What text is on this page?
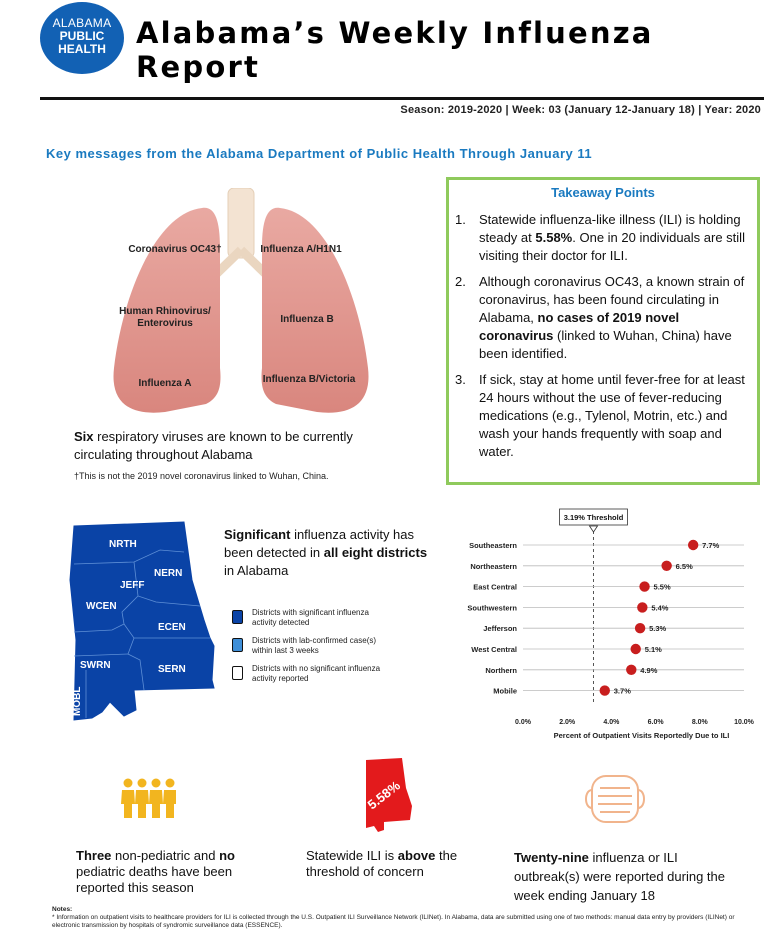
ALABAMA
PUBLIC
HEALTH	Alabama’s Weekly Influenza Report
Season: 2019-2020 | Week: 03 (January 12-January 18) | Year: 2020
Key messages from the Alabama Department of Public Health Through January 11
Coronavirus OC43†	Influenza A/H1N1
Human Rhinovirus/ Enterovirus	Influenza B
Influenza A	Influenza B/Victoria
Six respiratory viruses are known to be currently circulating throughout Alabama
†This is not the 2019 novel coronavirus linked to Wuhan, China.
Takeaway Points
1. Statewide influenza-like illness (ILI) is holding steady at 5.58%. One in 20 individuals are still visiting their doctor for ILI.
2. Although coronavirus OC43, a known strain of coronavirus, has been found circulating in Alabama, no cases of 2019 novel coronavirus (linked to Wuhan, China) have been identified.
3. If sick, stay at home until fever-free for at least 24 hours without the use of fever-reducing medications (e.g., Tylenol, Motrin, etc.) and wash your hands frequently with soap and water.
NRTH
NERN
JEFF
WCEN
ECEN
SWRN	SERN
MOBL
Significant influenza activity has been detected in all eight districts in Alabama
Districts with significant influenza activity detected
Districts with lab-confirmed case(s) within last 3 weeks
Districts with no significant influenza activity reported
3.19% Threshold
Southeastern	7.7%
Northeastern	6.5%
East Central	5.5%
Southwestern	5.4%
Jefferson	5.3%
West Central	5.1%
Northern	4.9%
Mobile	3.7%
0.0%	2.0%	4.0%	6.0%	8.0%	10.0%
Percent of Outpatient Visits Reportedly Due to ILI
Three non-pediatric and no pediatric deaths have been reported this season
5.58%
Statewide ILI is above the threshold of concern
Twenty-nine influenza or ILI outbreak(s) were reported during the week ending January 18
Notes:
* Information on outpatient visits to healthcare providers for ILI is collected through the U.S. Outpatient ILI Surveillance Network (ILINet). In Alabama, data are submitted using one of two methods: manual data entry by providers (ILINet) or electronic transmission by hospitals of syndromic surveillance data (ESSENCE).
